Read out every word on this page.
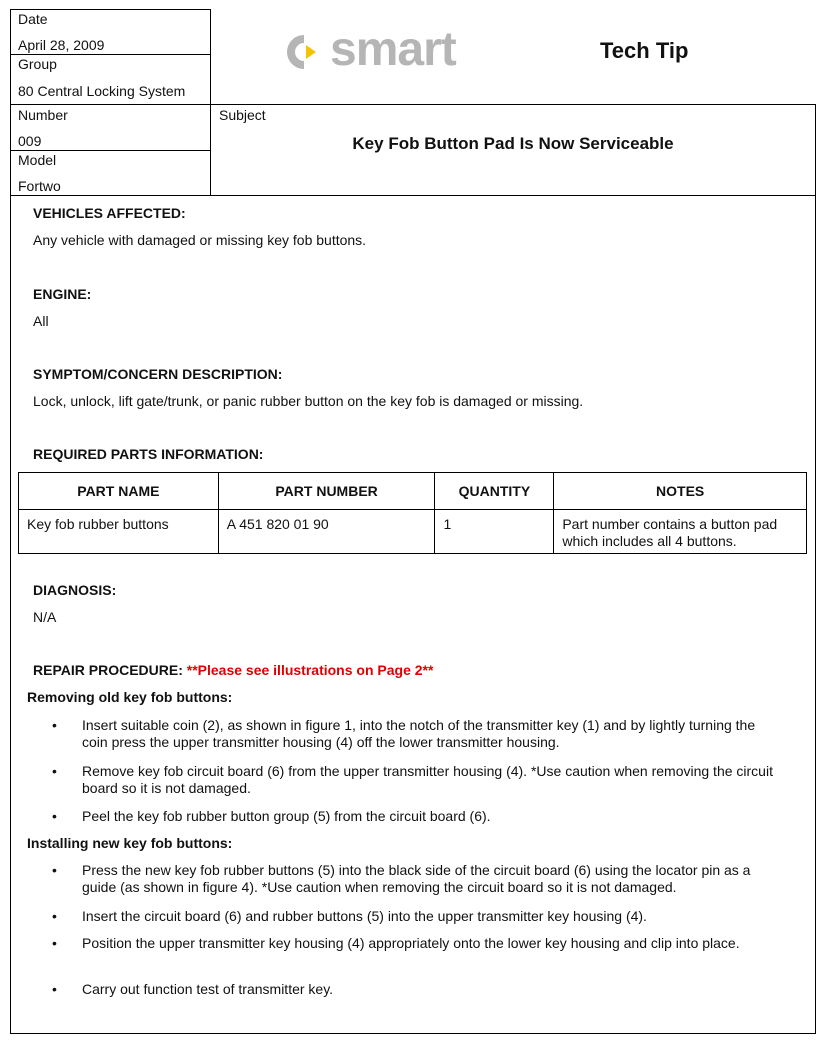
Date
April 28, 2009
Group
80 Central Locking System
Number
009
Model
Fortwo
Subject
Key Fob Button Pad Is Now Serviceable
smart	Tech Tip
VEHICLES AFFECTED:
Any vehicle with damaged or missing key fob buttons.
ENGINE:
All
SYMPTOM/CONCERN DESCRIPTION:
Lock, unlock, lift gate/trunk, or panic rubber button on the key fob is damaged or missing.
REQUIRED PARTS INFORMATION:
PART NAME	PART NUMBER	QUANTITY	NOTES
Key fob rubber buttons	A 451 820 01 90	1	Part number contains a button pad which includes all 4 buttons.
DIAGNOSIS:
N/A
REPAIR PROCEDURE: **Please see illustrations on Page 2**
Removing old key fob buttons:
• Insert suitable coin (2), as shown in figure 1, into the notch of the transmitter key (1) and by lightly turning the coin press the upper transmitter housing (4) off the lower transmitter housing.
• Remove key fob circuit board (6) from the upper transmitter housing (4). *Use caution when removing the circuit board so it is not damaged.
• Peel the key fob rubber button group (5) from the circuit board (6).
Installing new key fob buttons:
• Press the new key fob rubber buttons (5) into the black side of the circuit board (6) using the locator pin as a guide (as shown in figure 4). *Use caution when removing the circuit board so it is not damaged.
• Insert the circuit board (6) and rubber buttons (5) into the upper transmitter key housing (4).
• Position the upper transmitter key housing (4) appropriately onto the lower key housing and clip into place.
• Carry out function test of transmitter key.
